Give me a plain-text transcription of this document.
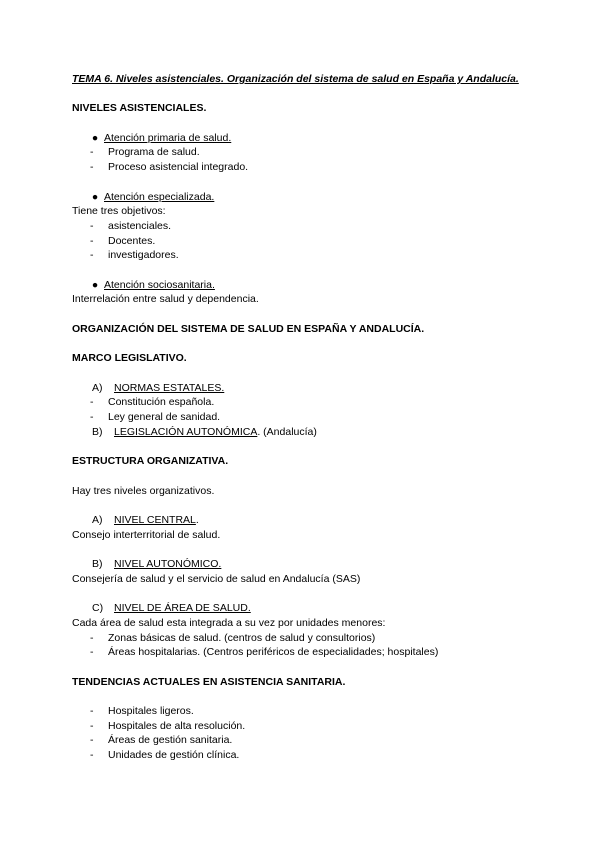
TEMA 6. Niveles asistenciales. Organización del sistema de salud en España y Andalucía.

NIVELES ASISTENCIALES.

● Atención primaria de salud.
-	Programa de salud.
-	Proceso asistencial integrado.
● Atención especializada.

Tiene tres objetivos:

-	asistenciales.
-	Docentes.
-	investigadores.
● Atención sociosanitaria.

Interrelación entre salud y dependencia.

ORGANIZACIÓN DEL SISTEMA DE SALUD EN ESPAÑA Y ANDALUCÍA.

MARCO LEGISLATIVO.

A)	NORMAS ESTATALES.
-	Constitución española.
-	Ley general de sanidad.
B)	LEGISLACIÓN AUTONÓMICA . (Andalucía)

ESTRUCTURA ORGANIZATIVA.

Hay tres niveles organizativos.

A)	NIVEL CENTRAL .

Consejo interterritorial de salud.

B)	NIVEL AUTONÓMICO.

Consejería de salud y el servicio de salud en Andalucía (SAS)

C)	NIVEL DE ÁREA DE SALUD.

Cada área de salud esta integrada a su vez por unidades menores:

-	Zonas básicas de salud. (centros de salud y consultorios)
-	Áreas hospitalarias. (Centros periféricos de especialidades; hospitales)

TENDENCIAS ACTUALES EN ASISTENCIA SANITARIA.

-	Hospitales ligeros.
-	Hospitales de alta resolución.
-	Áreas de gestión sanitaria.
-	Unidades de gestión clínica.
